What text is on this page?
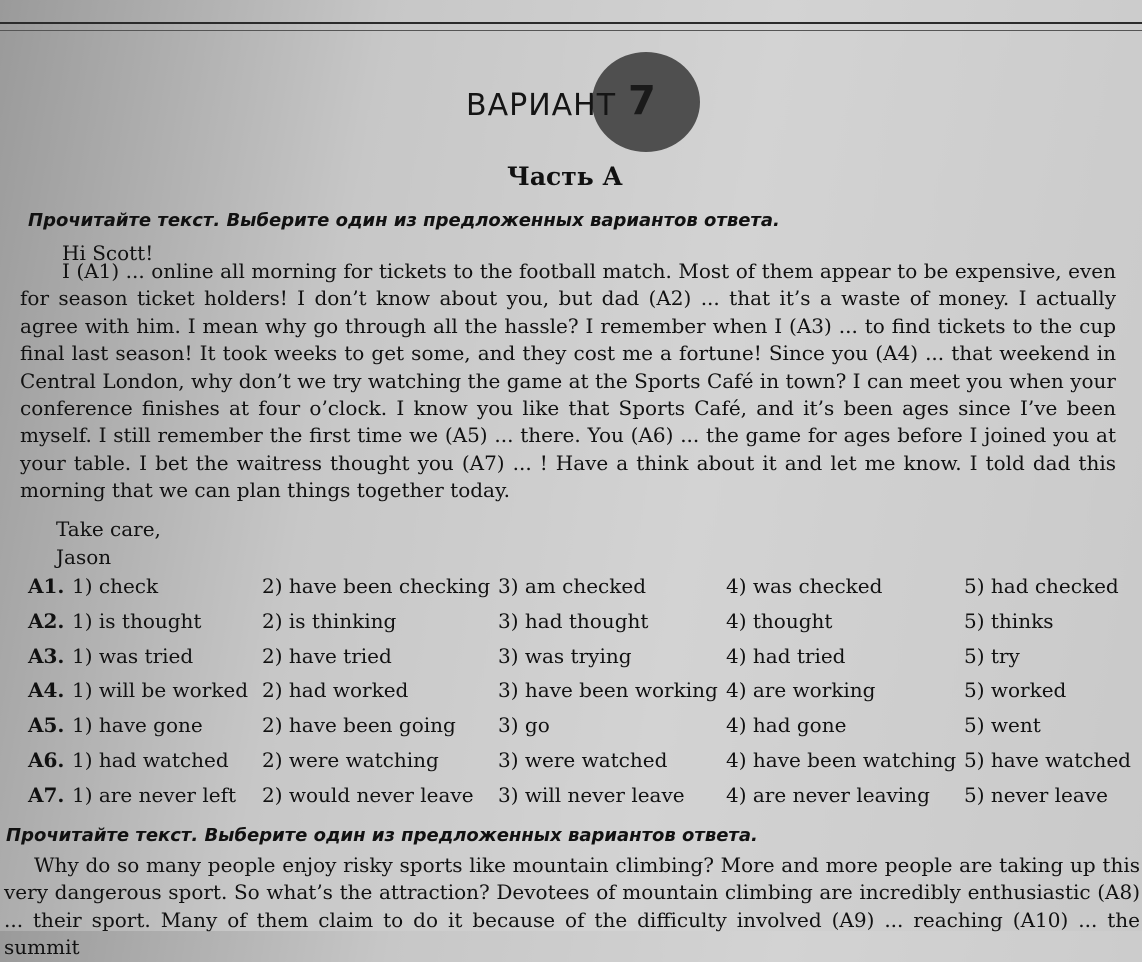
ВАРИАНТ 7
Часть А
Прочитайте текст. Выберите один из предложенных вариантов ответа.
Hi Scott!
I (A1) ... online all morning for tickets to the football match. Most of them appear to be expensive, even for season ticket holders! I don’t know about you, but dad (A2) ... that it’s a waste of money. I actually agree with him. I mean why go through all the hassle? I remember when I (A3) ... to find tickets to the cup final last season! It took weeks to get some, and they cost me a fortune! Since you (A4) ... that weekend in Central London, why don’t we try watching the game at the Sports Café in town? I can meet you when your conference finishes at four o’clock. I know you like that Sports Café, and it’s been ages since I’ve been myself. I still remember the first time we (A5) ... there. You (A6) ... the game for ages before I joined you at your table. I bet the waitress thought you (A7) ... ! Have a think about it and let me know. I told dad this morning that we can plan things together today.
Take care,
Jason
A1. 1) check	2) have been checking 3) am checked	4) was checked	5) had checked
A2. 1) is thought	2) is thinking	3) had thought	4) thought	5) thinks
A3. 1) was tried	2) have tried	3) was trying	4) had tried	5) try
A4. 1) will be worked 2) had worked	3) have been working 4) are working	5) worked
A5. 1) have gone	2) have been going 3) go	4) had gone	5) went
A6. 1) had watched 2) were watching	3) were watched	4) have been watching 5) have watched
A7. 1) are never left 2) would never leave 3) will never leave 4) are never leaving 5) never leave
Прочитайте текст. Выберите один из предложенных вариантов ответа.
Why do so many people enjoy risky sports like mountain climbing? More and more people are taking up this very dangerous sport. So what’s the attraction? Devotees of mountain climbing are incredibly enthusiastic (A8) ... their sport. Many of them claim to do it because of the difficulty involved (A9) ... reaching (A10) ... the summit
